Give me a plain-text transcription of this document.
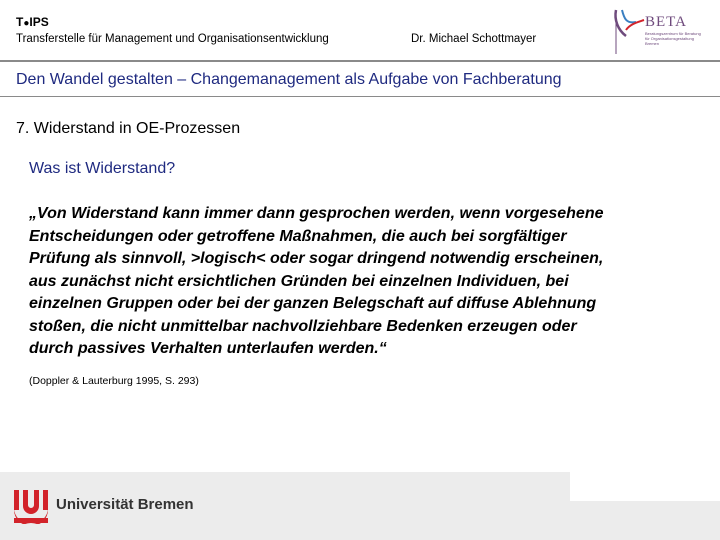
T●IPS
Transferstelle für Management und Organisationsentwicklung	Dr. Michael Schottmayer
BETA
Beratungszentrum für Beratung für Organisationsgestaltung Bremen
Den Wandel gestalten – Changemanagement als Aufgabe von Fachberatung
7. Widerstand in OE-Prozessen
Was ist Widerstand?
„Von Widerstand kann immer dann gesprochen werden, wenn vorgesehene
Entscheidungen oder getroffene Maßnahmen, die auch bei sorgfältiger
Prüfung als sinnvoll, >logisch< oder sogar dringend notwendig erscheinen,
aus zunächst nicht ersichtlichen Gründen bei einzelnen Individuen, bei
einzelnen Gruppen oder bei der ganzen Belegschaft auf diffuse Ablehnung
stoßen, die nicht unmittelbar nachvollziehbare Bedenken erzeugen oder
durch passives Verhalten unterlaufen werden.“
(Doppler & Lauterburg 1995, S. 293)
Universität Bremen
